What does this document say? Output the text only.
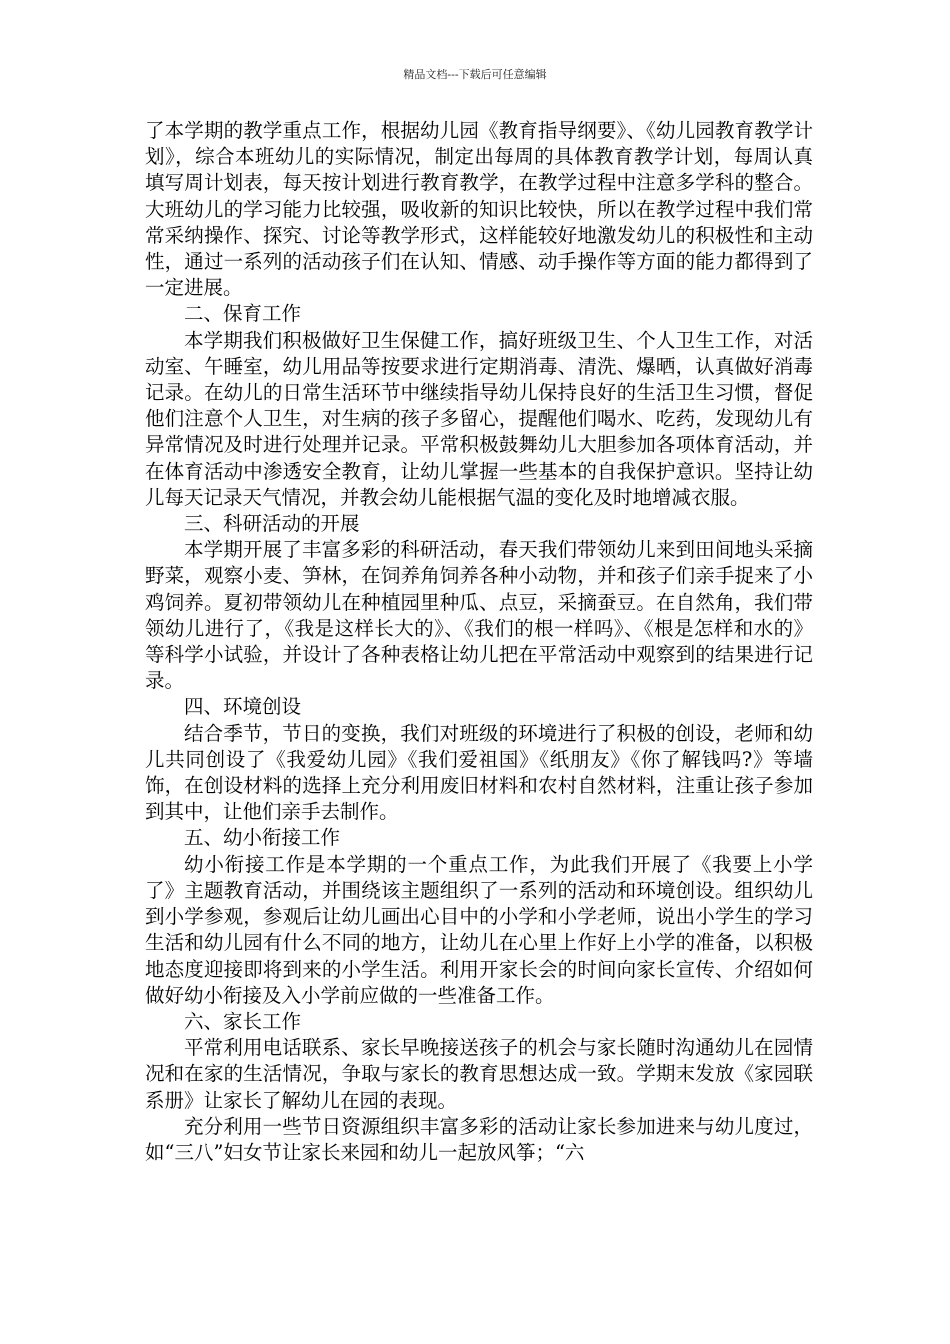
精品文档---下载后可任意编辑

了本学期的教学重点工作，根据幼儿园《教育指导纲要》、《幼儿园教育教学计划》，综合本班幼儿的实际情况，制定出每周的具体教育教学计划，每周认真填写周计划表，每天按计划进行教育教学，在教学过程中注意多学科的整合。大班幼儿的学习能力比较强，吸收新的知识比较快，所以在教学过程中我们常常采纳操作、探究、讨论等教学形式，这样能较好地激发幼儿的积极性和主动性，通过一系列的活动孩子们在认知、情感、动手操作等方面的能力都得到了一定进展。

二、保育工作

本学期我们积极做好卫生保健工作，搞好班级卫生、个人卫生工作，对活动室、午睡室，幼儿用品等按要求进行定期消毒、清洗、爆晒，认真做好消毒记录。在幼儿的日常生活环节中继续指导幼儿保持良好的生活卫生习惯，督促他们注意个人卫生，对生病的孩子多留心，提醒他们喝水、吃药，发现幼儿有异常情况及时进行处理并记录。平常积极鼓舞幼儿大胆参加各项体育活动，并在体育活动中渗透安全教育，让幼儿掌握一些基本的自我保护意识。坚持让幼儿每天记录天气情况，并教会幼儿能根据气温的变化及时地增减衣服。

三、科研活动的开展

本学期开展了丰富多彩的科研活动，春天我们带领幼儿来到田间地头采摘野菜，观察小麦、笋林，在饲养角饲养各种小动物，并和孩子们亲手捉来了小鸡饲养。夏初带领幼儿在种植园里种瓜、点豆，采摘蚕豆。在自然角，我们带领幼儿进行了，《我是这样长大的》、《我们的根一样吗》、《根是怎样和水的》等科学小试验，并设计了各种表格让幼儿把在平常活动中观察到的结果进行记录。

四、环境创设

结合季节，节日的变换，我们对班级的环境进行了积极的创设，老师和幼儿共同创设了《我爱幼儿园》《我们爱祖国》《纸朋友》《你了解钱吗?》等墙饰，在创设材料的选择上充分利用废旧材料和农村自然材料，注重让孩子参加到其中，让他们亲手去制作。

五、幼小衔接工作

幼小衔接工作是本学期的一个重点工作，为此我们开展了《我要上小学了》主题教育活动，并围绕该主题组织了一系列的活动和环境创设。组织幼儿到小学参观，参观后让幼儿画出心目中的小学和小学老师，说出小学生的学习生活和幼儿园有什么不同的地方，让幼儿在心里上作好上小学的准备，以积极地态度迎接即将到来的小学生活。利用开家长会的时间向家长宣传、介绍如何做好幼小衔接及入小学前应做的一些准备工作。

六、家长工作

平常利用电话联系、家长早晚接送孩子的机会与家长随时沟通幼儿在园情况和在家的生活情况，争取与家长的教育思想达成一致。学期末发放《家园联系册》让家长了解幼儿在园的表现。

充分利用一些节日资源组织丰富多彩的活动让家长参加进来与幼儿度过，如“三八”妇女节让家长来园和幼儿一起放风筝；“六
